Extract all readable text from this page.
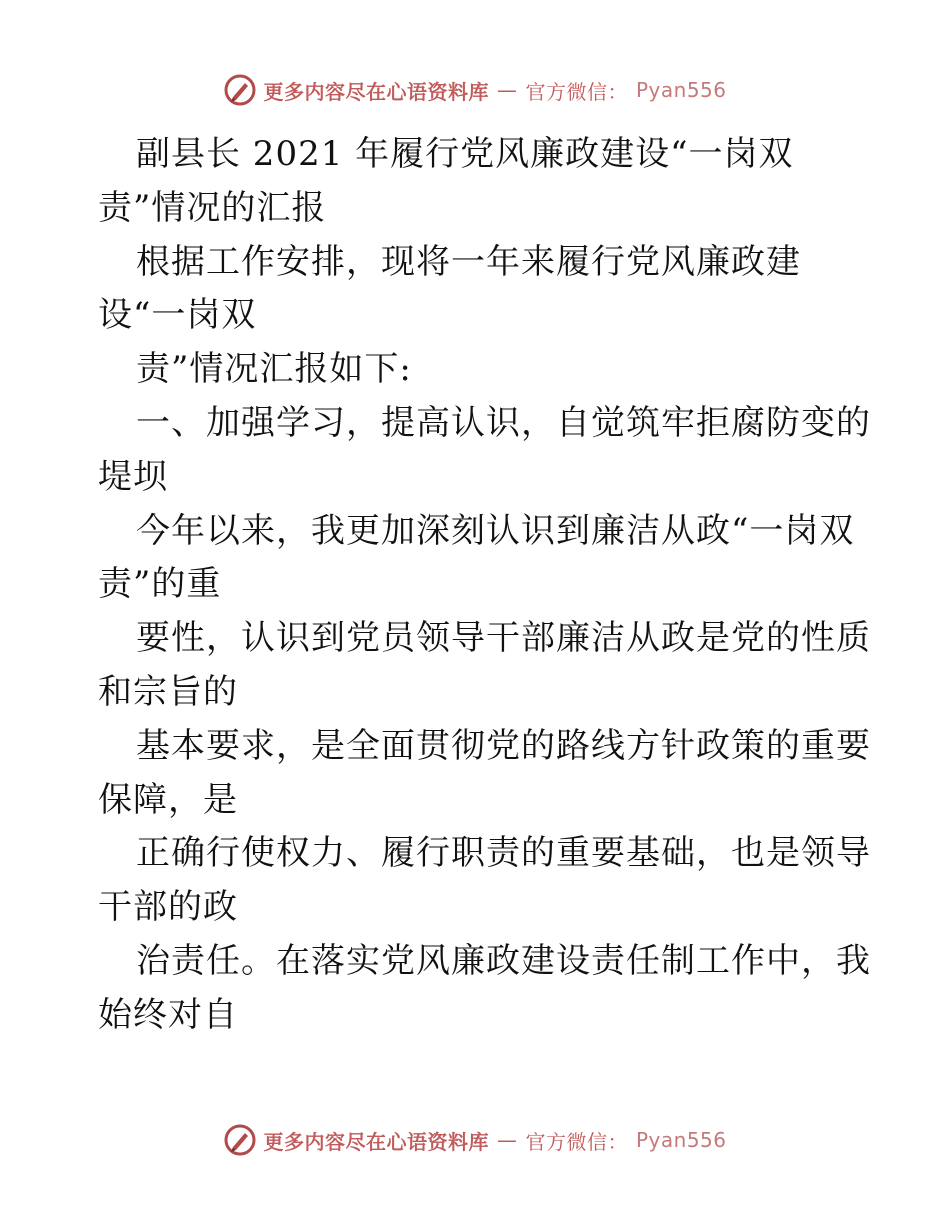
更多内容尽在心语资料库 — 官方微信： Pyan556
副县长 2021 年履行党风廉政建设“一岗双
责”情况的汇报
根据工作安排，现将一年来履行党风廉政建
设“一岗双
责”情况汇报如下:
一、加强学习，提高认识，自觉筑牢拒腐防变的
堤坝
今年以来，我更加深刻认识到廉洁从政“一岗双
责”的重
要性，认识到党员领导干部廉洁从政是党的性质
和宗旨的
基本要求，是全面贯彻党的路线方针政策的重要
保障，是
正确行使权力、履行职责的重要基础，也是领导
干部的政
治责任。在落实党风廉政建设责任制工作中，我
始终对自
更多内容尽在心语资料库 — 官方微信： Pyan556
